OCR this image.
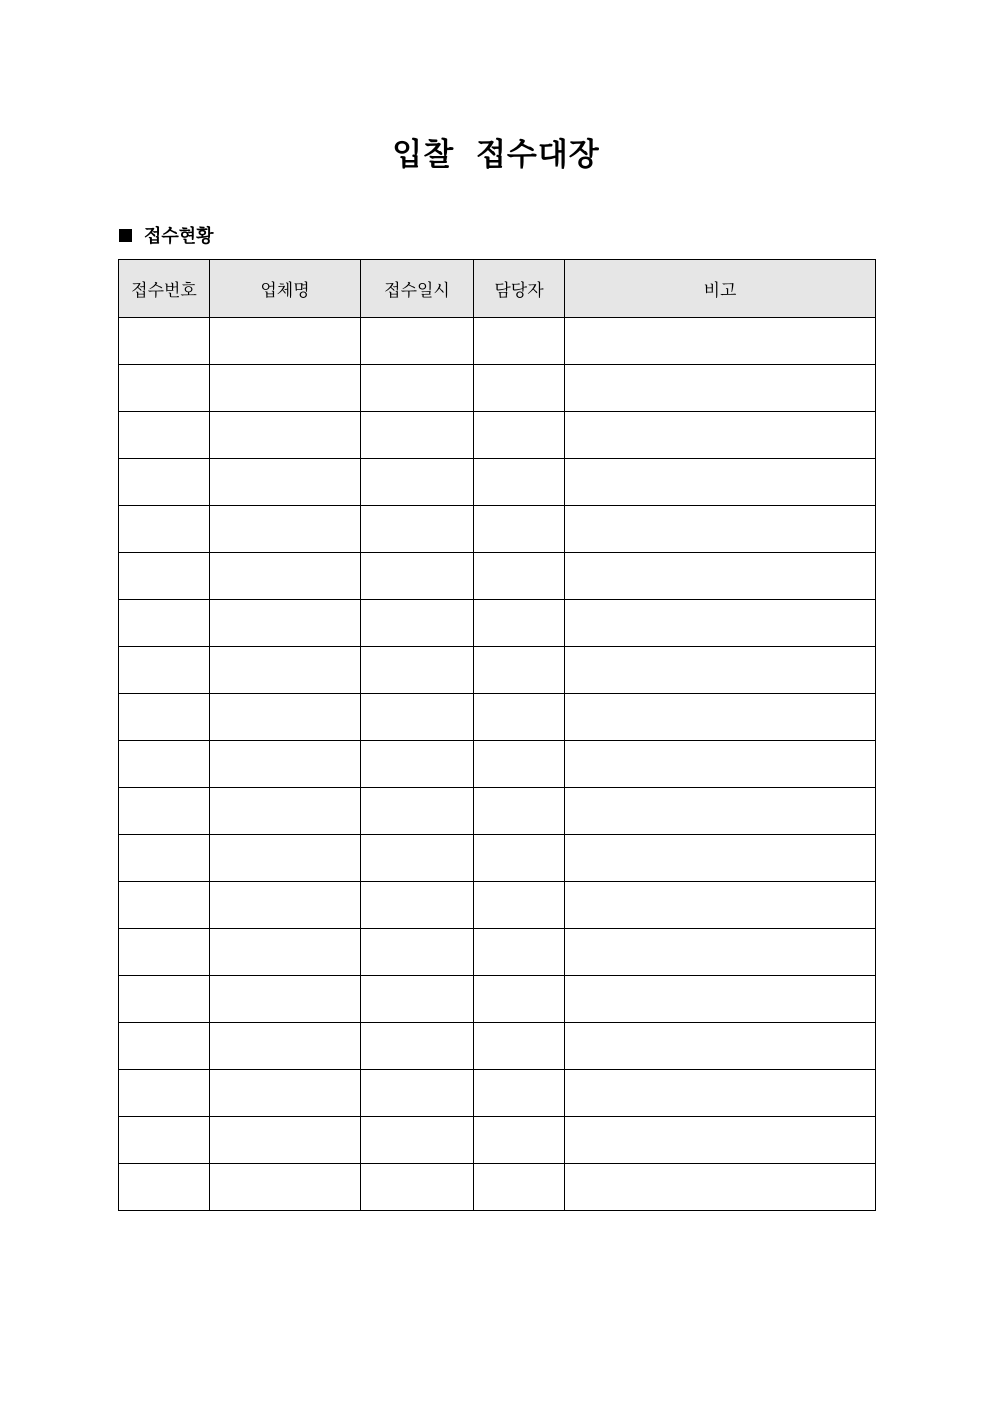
입찰 접수대장
접수현황
접수번호	업체명	접수일시	담당자	비고
